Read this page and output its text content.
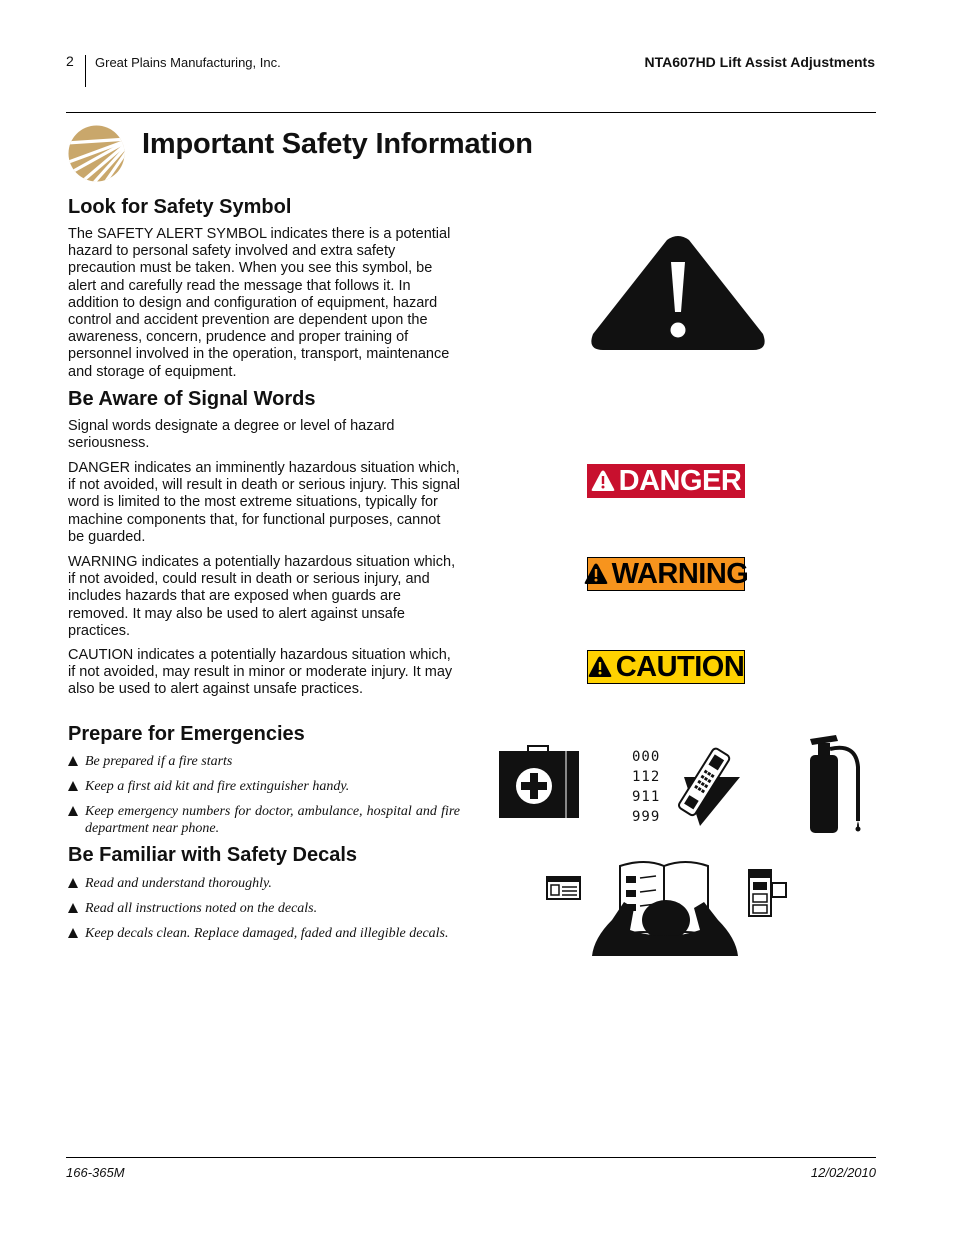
2 Great Plains Manufacturing, Inc.	NTA607HD Lift Assist Adjustments
Important Safety Information
Look for Safety Symbol

The SAFETY ALERT SYMBOL indicates there is a potential hazard to personal safety involved and extra safety precaution must be taken. When you see this symbol, be alert and carefully read the message that follows it. In addition to design and configuration of equipment, hazard control and accident prevention are dependent upon the awareness, concern, prudence and proper training of personnel involved in the operation, transport, maintenance and storage of equipment.

Be Aware of Signal Words

Signal words designate a degree or level of hazard seriousness.

DANGER indicates an imminently hazardous situation which, if not avoided, will result in death or serious injury. This signal word is limited to the most extreme situations, typically for machine components that, for functional purposes, cannot be guarded.

WARNING indicates a potentially hazardous situation which, if not avoided, could result in death or serious injury, and includes hazards that are exposed when guards are removed. It may also be used to alert against unsafe practices.

CAUTION indicates a potentially hazardous situation which, if not avoided, may result in minor or moderate injury. It may also be used to alert against unsafe practices.

Prepare for Emergencies
Be prepared if a fire starts
Keep a first aid kit and fire extinguisher handy.
Keep emergency numbers for doctor, ambulance, hospital and fire department near phone.
Be Familiar with Safety Decals
Read and understand thoroughly.
Read all instructions noted on the decals.
Keep decals clean. Replace damaged, faded and illegible decals.
DANGER
WARNING
CAUTION
000
112
911
999
166-365M	12/02/2010
